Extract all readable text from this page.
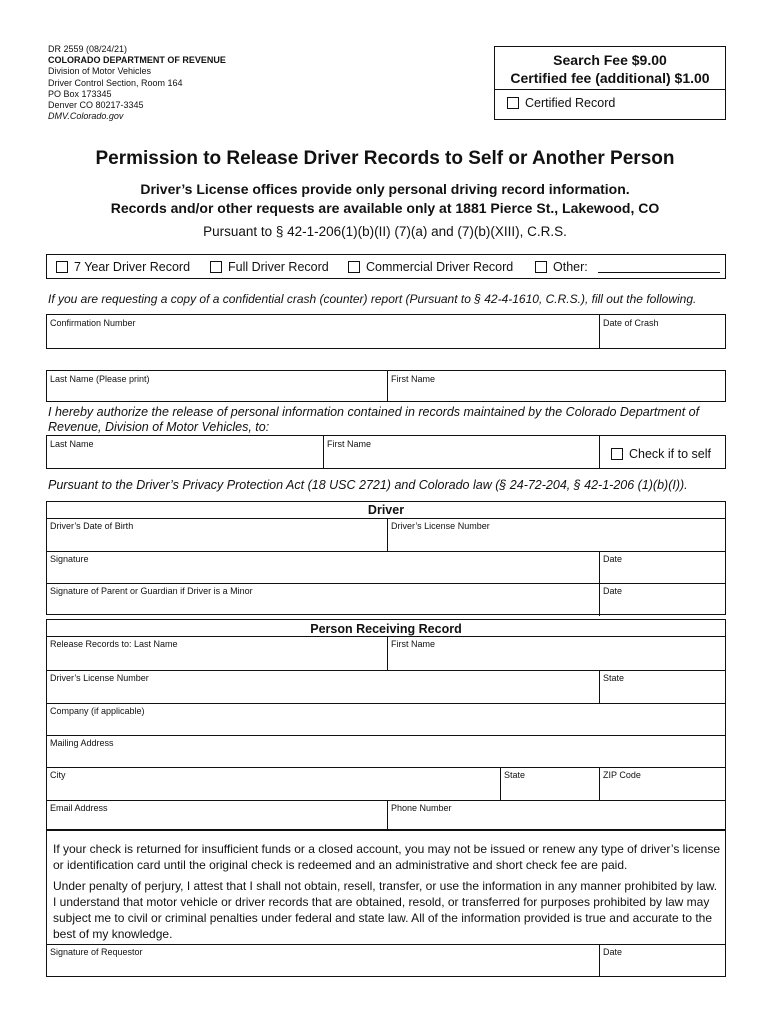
DR 2559 (08/24/21)
COLORADO DEPARTMENT OF REVENUE
Division of Motor Vehicles
Driver Control Section, Room 164
PO Box 173345
Denver CO 80217-3345
DMV.Colorado.gov
Search Fee $9.00
Certified fee (additional) $1.00
Certified Record
Permission to Release Driver Records to Self or Another Person
Driver’s License offices provide only personal driving record information.
Records and/or other requests are available only at 1881 Pierce St., Lakewood, CO
Pursuant to § 42-1-206(1)(b)(II) (7)(a) and (7)(b)(XIII), C.R.S.
7 Year Driver Record	Full Driver Record	Commercial Driver Record	Other:
If you are requesting a copy of a confidential crash (counter) report (Pursuant to § 42-4-1610, C.R.S.), fill out the following.
Confirmation Number	Date of Crash
Last Name (Please print)	First Name
I hereby authorize the release of personal information contained in records maintained by the Colorado Department of Revenue, Division of Motor Vehicles, to:
Last Name	First Name
Check if to self
Pursuant to the Driver’s Privacy Protection Act (18 USC 2721) and Colorado law (§ 24-72-204, § 42-1-206 (1)(b)(I)).
Driver
Driver’s Date of Birth	Driver’s License Number
Signature	Date
Signature of Parent or Guardian if Driver is a Minor	Date
Person Receiving Record
Release Records to: Last Name	First Name
Driver’s License Number	State
Company (if applicable)
Mailing Address
City	State	ZIP Code
Email Address	Phone Number
If your check is returned for insufficient funds or a closed account, you may not be issued or renew any type of driver’s license or identification card until the original check is redeemed and an administrative and short check fee are paid.
Under penalty of perjury, I attest that I shall not obtain, resell, transfer, or use the information in any manner prohibited by law. I understand that motor vehicle or driver records that are obtained, resold, or transferred for purposes prohibited by law may subject me to civil or criminal penalties under federal and state law. All of the information provided is true and accurate to the best of my knowledge.
Signature of Requestor	Date
